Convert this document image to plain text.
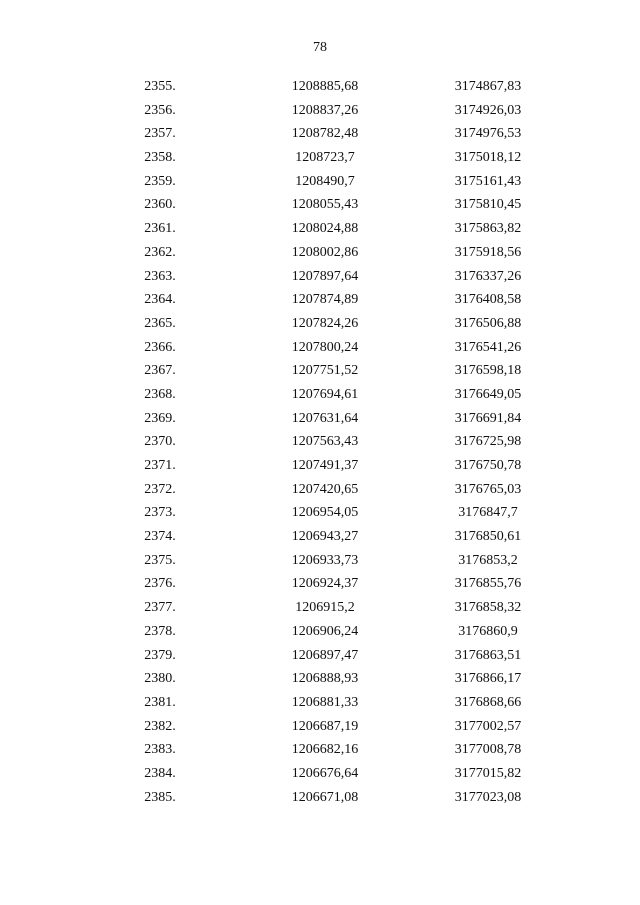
78
2355.	1208885,68	3174867,83
2356.	1208837,26	3174926,03
2357.	1208782,48	3174976,53
2358.	1208723,7	3175018,12
2359.	1208490,7	3175161,43
2360.	1208055,43	3175810,45
2361.	1208024,88	3175863,82
2362.	1208002,86	3175918,56
2363.	1207897,64	3176337,26
2364.	1207874,89	3176408,58
2365.	1207824,26	3176506,88
2366.	1207800,24	3176541,26
2367.	1207751,52	3176598,18
2368.	1207694,61	3176649,05
2369.	1207631,64	3176691,84
2370.	1207563,43	3176725,98
2371.	1207491,37	3176750,78
2372.	1207420,65	3176765,03
2373.	1206954,05	3176847,7
2374.	1206943,27	3176850,61
2375.	1206933,73	3176853,2
2376.	1206924,37	3176855,76
2377.	1206915,2	3176858,32
2378.	1206906,24	3176860,9
2379.	1206897,47	3176863,51
2380.	1206888,93	3176866,17
2381.	1206881,33	3176868,66
2382.	1206687,19	3177002,57
2383.	1206682,16	3177008,78
2384.	1206676,64	3177015,82
2385.	1206671,08	3177023,08
